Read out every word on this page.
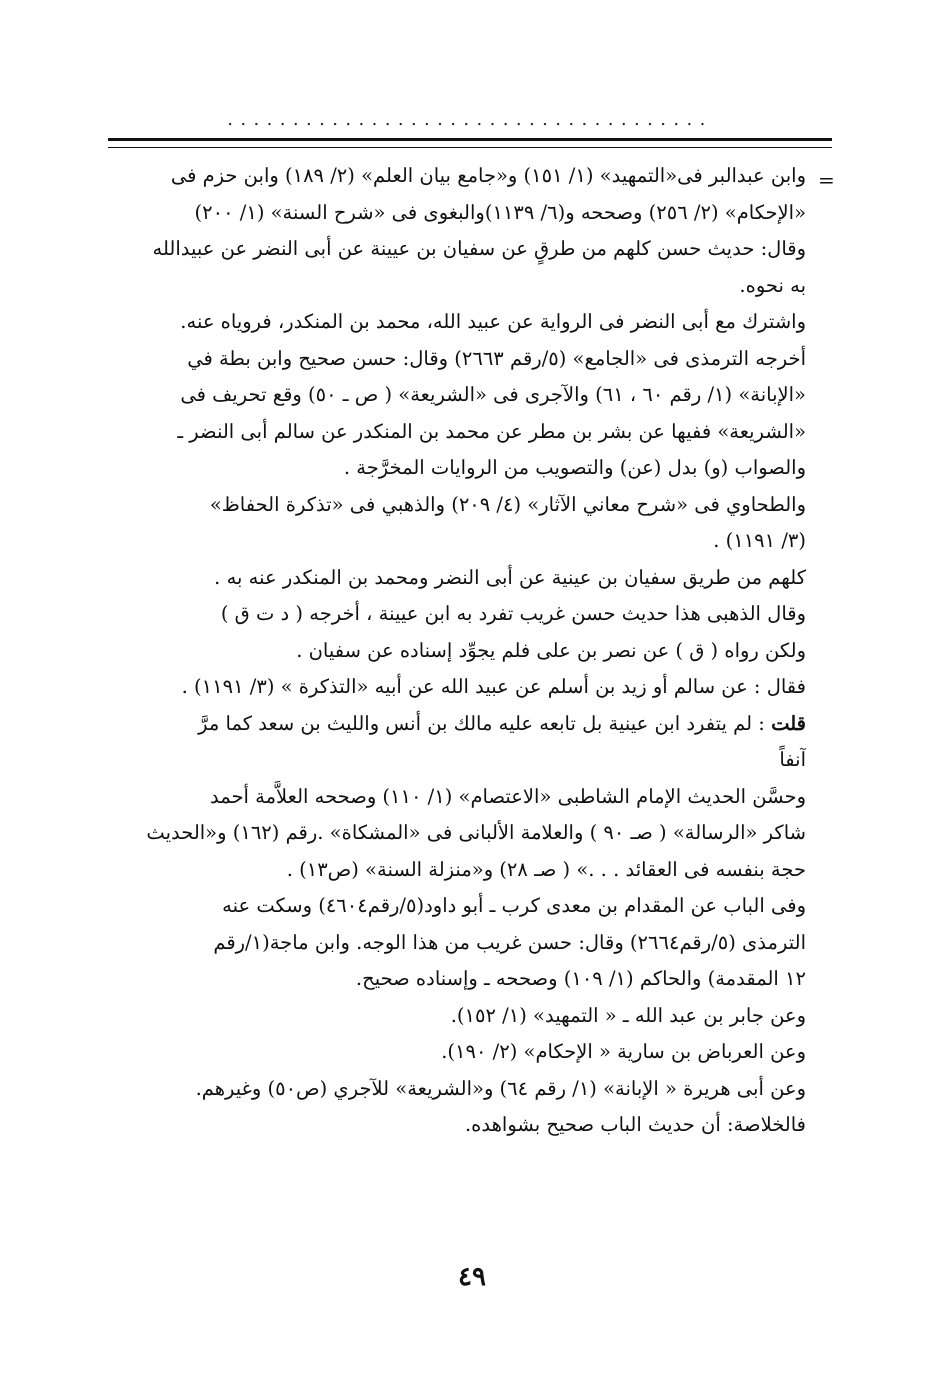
.....................................
=
وابن عبدالبر فى«التمهيد» (١/ ١٥١) و«جامع بيان العلم» (٢/ ١٨٩) وابن حزم فى
«الإحكام» (٢/ ٢٥٦) وصححه و(٦/ ١١٣٩)والبغوى فى «شرح السنة» (١/ ٢٠٠)
وقال: حديث حسن كلهم من طرقٍ عن سفيان بن عيينة عن أبى النضر عن عبيدالله
به نحوه.
واشترك مع أبى النضر فى الرواية عن عبيد الله، محمد بن المنكدر، فروياه عنه.
أخرجه الترمذى فى «الجامع» (٥/رقم ٢٦٦٣) وقال: حسن صحيح وابن بطة في
«الإبانة» (١/ رقم ٦٠ ، ٦١) والآجرى فى «الشريعة» ( ص ـ ٥٠) وقع تحريف فى
«الشريعة» ففيها عن بشر بن مطر عن محمد بن المنكدر عن سالم أبى النضر ـ
والصواب (و) بدل (عن) والتصويب من الروايات المخرَّجة .
والطحاوي فى «شرح معاني الآثار» (٤/ ٢٠٩) والذهبي فى «تذكرة الحفاظ»
(٣/ ١١٩١) .
كلهم من طريق سفيان بن عينية عن أبى النضر ومحمد بن المنكدر عنه به .
وقال الذهبى هذا حديث حسن غريب تفرد به ابن عيينة ، أخرجه ( د ت ق )
ولكن رواه ( ق ) عن نصر بن على فلم يجوِّد إسناده عن سفيان .
فقال : عن سالم أو زيد بن أسلم عن عبيد الله عن أبيه «التذكرة » (٣/ ١١٩١) .
قلت : لم يتفرد ابن عينية بل تابعه عليه مالك بن أنس والليث بن سعد كما مرَّ
آنفاً
وحسَّن الحديث الإمام الشاطبى «الاعتصام» (١/ ١١٠) وصححه العلاَّمة أحمد
شاكر «الرسالة» ( صـ ٩٠ ) والعلامة الألبانى فى «المشكاة» .رقم (١٦٢) و«الحديث
حجة بنفسه فى العقائد . . .» ( صـ ٢٨) و«منزلة السنة» (ص١٣) .
وفى الباب عن المقدام بن معدى كرب ـ أبو داود(٥/رقم٤٦٠٤) وسكت عنه
الترمذى (٥/رقم٢٦٦٤) وقال: حسن غريب من هذا الوجه. وابن ماجة(١/رقم
١٢ المقدمة) والحاكم (١/ ١٠٩) وصححه ـ وإسناده صحيح.
وعن جابر بن عبد الله ـ « التمهيد» (١/ ١٥٢).
وعن العرباض بن سارية « الإحكام» (٢/ ١٩٠).
وعن أبى هريرة « الإبانة» (١/ رقم ٦٤) و«الشريعة» للآجري (ص٥٠) وغيرهم.
فالخلاصة: أن حديث الباب صحيح بشواهده.
٤٩
